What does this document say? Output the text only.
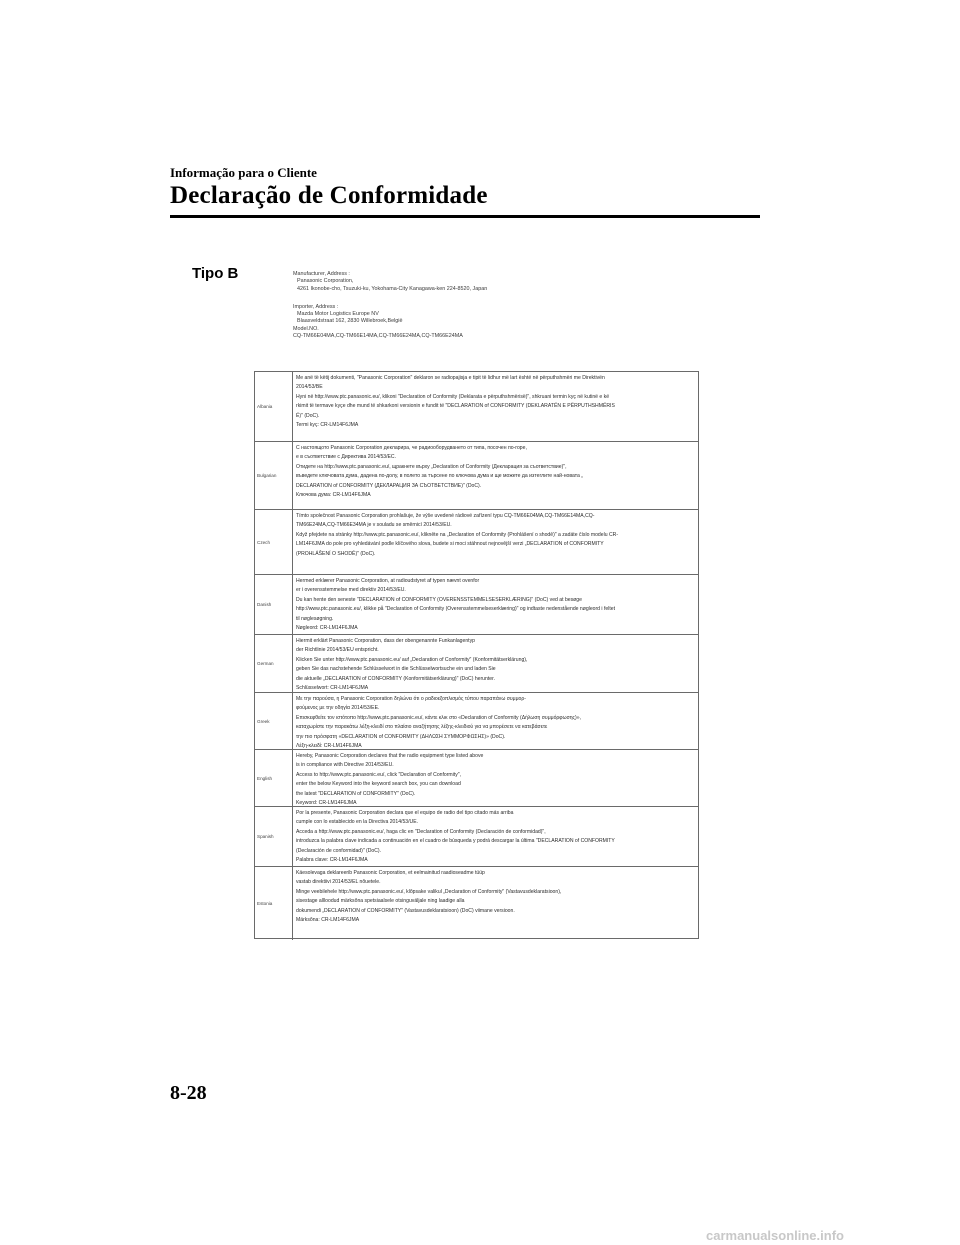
Informação para o Cliente
Declaração de Conformidade
Tipo B	Manufacturer, Address :
Panasonic Corporation,
4261 Ikonobe-cho, Tsuzuki-ku, Yokohama-City Kanagawa-ken 224-8520, Japan
Importer, Address :
Mazda Motor Logistics Europe NV
Blaasveldstraat 162, 2830 Willebroek,België
Model.NO.
CQ-TM66E04MA,CQ-TM66E14MA,CQ-TM66E24MA,CQ-TM66E24MA
Albania
Me anë të këtij dokumenti, "Panasonic Corporation" deklaron se radiopajisja e tipit të lidhur më lart është në përputhshmëri me Direktivën
2014/53/BE
Hyni në http://www.ptc.panasonic.eu/, klikoni "Declaration of Conformity (Deklarata e përputhshmërisë)", shkruani termin kyç në kutinë e kë
rkimit të termave kyçe dhe mund të shkarkoni versionin e fundit të "DECLARATION of CONFORMITY (DEKLARATËN E PËRPUTHSHMËRIS
Ë)" (DoC).
Termi kyç: CR-LM14F6JMA
Bulgarian
С настоящото Panasonic Corporation декларира, че радиооборудването от типа, посочен по-горе,
е в съответствие с Директива 2014/53/ЕС.
Отидете на http://www.ptc.panasonic.eu/, щракнете върху „Declaration of Conformity (Декларация за съответствие)",
въведете ключовата дума, дадена по-долу, в полето за търсене по ключова дума и ще можете да изтеглите най-новата „
DECLARATION of CONFORMITY (ДЕКЛАРАЦИЯ ЗА СЪОТВЕТСТВИЕ)" (DoC).
Ключова дума: CR-LM14F6JMA
Czech
Tímto společnost Panasonic Corporation prohlašuje, že výše uvedené rádiové zařízení typu CQ-TM66E04MA,CQ-TM66E14MA,CQ-
TM66E24MA,CQ-TM66E34MA je v souladu se směrnicí 2014/53/EU.
Když přejdete na stránky http://www.ptc.panasonic.eu/, klikněte na „Declaration of Conformity (Prohlášení o shodě)" a zadáte číslo modelu CR-
LM14F6JMA do pole pro vyhledávání podle klíčového slova, budete si moci stáhnout nejnovější verzi „DECLARATION of CONFORMITY
(PROHLÁŠENÍ O SHODĚ)" (DoC).
Danish
Hermed erklærer Panasonic Corporation, at radioudstyret af typen nævnt ovenfor
er i overensstemmelse med direktiv 2014/53/EU.
Du kan hente den seneste "DECLARATION of CONFORMITY (OVERENSSTEMMELSESERKLÆRING)" (DoC) ved at besøge
http://www.ptc.panasonic.eu/, klikke på "Declaration of Conformity (Overensstemmelseserklæring)" og indtaste nedenstående nøgleord i feltet
til nøglesøgning.
Nøgleord: CR-LM14F6JMA
German
Hiermit erklärt Panasonic Corporation, dass der obengenannte Funkanlagentyp
der Richtlinie 2014/53/EU entspricht.
Klicken Sie unter http://www.ptc.panasonic.eu/ auf „Declaration of Conformity" (Konformitätserklärung),
geben Sie das nachstehende Schlüsselwort in die Schlüsselwortsuche ein und laden Sie
die aktuelle „DECLARATION of CONFORMITY (Konformitätserklärung)" (DoC) herunter.
Schlüsselwort: CR-LM14F6JMA
Greek
Με την παρούσα, η Panasonic Corporation δηλώνει ότι ο ραδιοεξοπλισμός τύπου παραπάνω συμμορ-
φούμενος με την οδηγία 2014/53/ΕΕ.
Επισκεφθείτε τον ιστότοπο http://www.ptc.panasonic.eu/, κάντε κλικ στο «Declaration of Conformity (Δήλωση συμμόρφωσης)»,
καταχωρίστε την παρακάτω λέξη-κλειδί στο πλαίσιο αναζήτησης λέξης-κλειδιού για να μπορέσετε να κατεβάσετε
την πιο πρόσφατη «DECLARATION of CONFORMITY (ΔΗΛΩΣΗ ΣΥΜΜΟΡΦΩΣΗΣ)» (DoC).
Λέξη-κλειδί: CR-LM14F6JMA
English
Hereby, Panasonic Corporation declares that the radio equipment type listed above
is in compliance with Directive 2014/53/EU.
Access to http://www.ptc.panasonic.eu/, click "Declaration of Conformity",
enter the below Keyword into the keyword search box, you can download
the latest "DECLARATION of CONFORMITY" (DoC).
Keyword: CR-LM14F6JMA
Spanish
Por la presente, Panasonic Corporation declara que el equipo de radio del tipo citado más arriba
cumple con lo establecido en la Directiva 2014/53/UE.
Acceda a http://www.ptc.panasonic.eu/, haga clic en "Declaration of Conformity (Declaración de conformidad)",
introduzca la palabra clave indicada a continuación en el cuadro de búsqueda y podrá descargar la última "DECLARATION of CONFORMITY
(Declaración de conformidad)" (DoC).
Palabra clave: CR-LM14F6JMA
Estonia
Käesolevaga deklareerib Panasonic Corporation, et eelmainitud raadioseadme tüüp
vastab direktiivi 2014/53/EL nõuetele.
Minge veebilehele http://www.ptc.panasonic.eu/, klõpsake valikul „Declaration of Conformity" (Vastavusdeklaratsioon),
sisestage allloodud märksõna spetsiaalsele otsinguväljale ning laadige alla
dokumendi „DECLARATION of CONFORMITY" (Vastavusdeklaratsioon) (DoC) viimane versioon.
Märksõna: CR-LM14F6JMA
8-28
carmanualsonline.info
